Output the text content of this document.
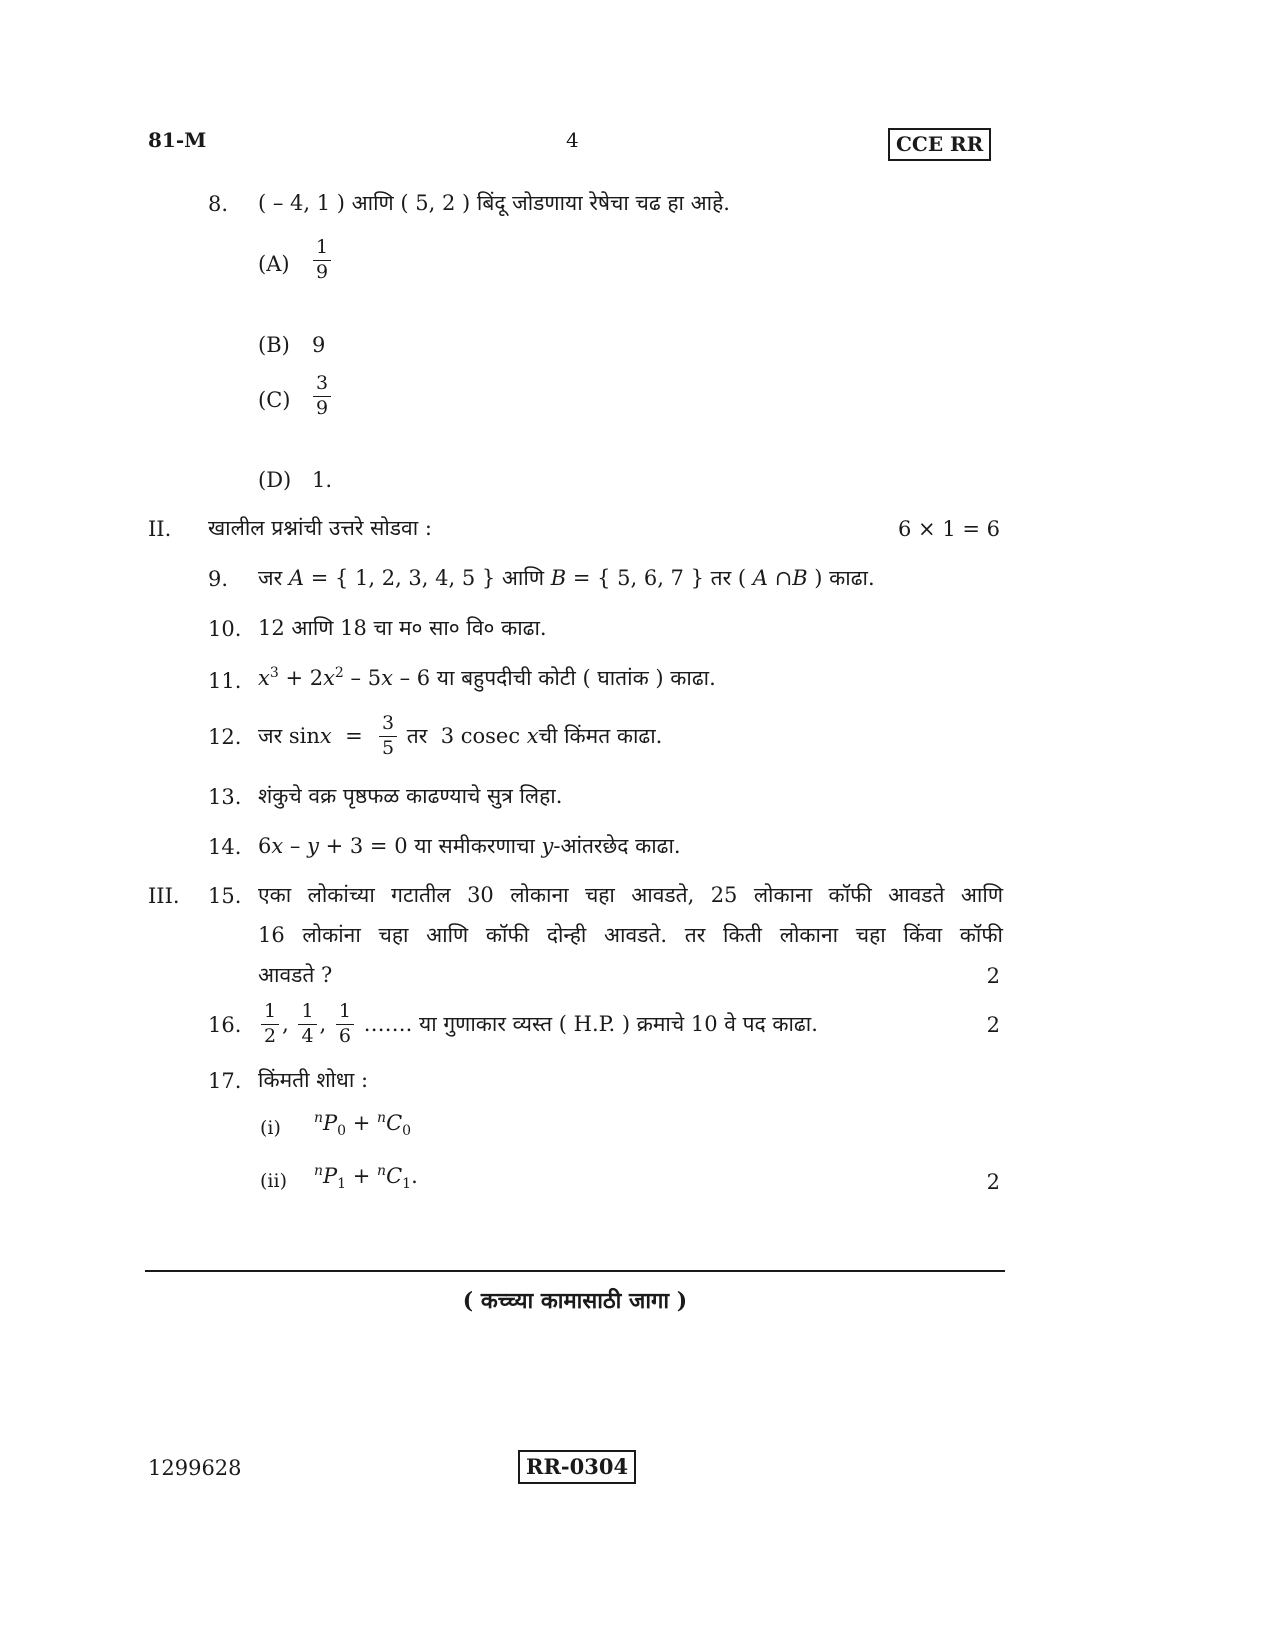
81-M	4	CCE RR
8. ( – 4, 1 ) आणि ( 5, 2 ) बिंदू जोडणाया रेषेचा चढ हा आहे.
$(A) \frac{1}{9}$
(B) 9
$(C) \frac{3}{9}$
(D) 1.
II. खालील प्रश्नांची उत्तरे सोडवा :	6 × 1 = 6
9. जर A = { 1, 2, 3, 4, 5 } आणि B = { 5, 6, 7 } तर ( A ∩B ) काढा.
10. 12 आणि 18 चा म० सा० वि० काढा.
11. $x^3 + 2x^2 - 5x - 6$ या बहुपदीची कोटी ( घातांक ) काढा.
12. जर $\sin x = \frac{3}{5}$ तर  3 cosec x ची किंमत काढा.
13. शंकुचे वक्र पृष्ठफळ काढण्याचे सुत्र लिहा.
14. 6x – y + 3 = 0 या समीकरणाचा y-आंतरछेद काढा.
III. 15. एका लोकांच्या गटातील 30 लोकाना चहा आवडते, 25 लोकाना कॉफी आवडते आणि
16 लोकांना चहा आणि कॉफी दोन्ही आवडते. तर किती लोकाना चहा किंवा कॉफी
आवडते ?	2
16. $\frac{1}{2}$ , $\frac{1}{4}$ , $\frac{1}{6}$ ……. या गुणाकार व्यस्त ( H.P. ) क्रमाचे 10 वे पद काढा.	2
17. किंमती शोधा :
(i) $^nP_0 + ^nC_0$
(ii) $^nP_1 + ^nC_1$.	2
( कच्च्या कामासाठी जागा )
1299628	RR-0304
